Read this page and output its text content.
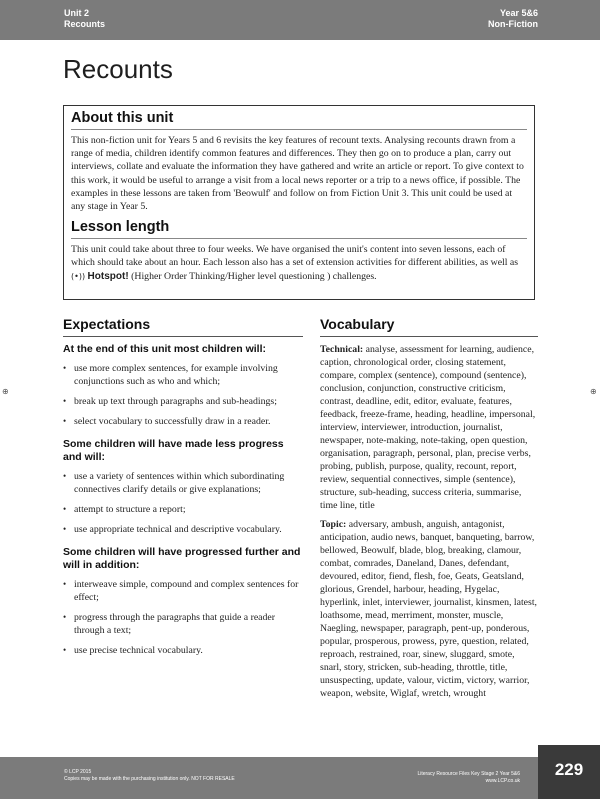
Unit 2
Recounts
Year 5&6
Non-Fiction
Recounts
About this unit

This non-fiction unit for Years 5 and 6 revisits the key features of recount texts. Analysing recounts drawn from a range of media, children identify common features and differences. They then go on to produce a plan, carry out interviews, collate and evaluate the information they have gathered and write an article or report. To give context to this work, it would be useful to arrange a visit from a local news reporter or a trip to a news office, if possible. The examples in these lessons are taken from 'Beowulf' and follow on from Fiction Unit 3. This unit could be used at any stage in Year 5.

Lesson length

This unit could take about three to four weeks. We have organised the unit's content into seven lessons, each of which should take about an hour. Each lesson also has a set of extension activities for different abilities, as well as (•)) Hotspot! (Higher Order Thinking/Higher level questioning ) challenges.

Expectations
At the end of this unit most children will:
• use more complex sentences, for example involving conjunctions such as who and which;
• break up text through paragraphs and sub-headings;
• select vocabulary to successfully draw in a reader.
Some children will have made less progress and will:
• use a variety of sentences within which subordinating connectives clarify details or give explanations;
• attempt to structure a report;
• use appropriate technical and descriptive vocabulary.
Some children will have progressed further and will in addition:
• interweave simple, compound and complex sentences for effect;
• progress through the paragraphs that guide a reader through a text;
• use precise technical vocabulary.
Vocabulary

Technical: analyse, assessment for learning, audience, caption, chronological order, closing statement, compare, complex (sentence), compound (sentence), conclusion, conjunction, constructive criticism, contrast, deadline, edit, editor, evaluate, features, feedback, freeze-frame, heading, headline, impersonal, interview, interviewer, introduction, journalist, newspaper, note-making, note-taking, open question, organisation, paragraph, personal, plan, precise verbs, probing, publish, purpose, quality, recount, report, review, sequential connectives, simple (sentence), structure, sub-heading, success criteria, summarise, time line, title

Topic: adversary, ambush, anguish, antagonist, anticipation, audio news, banquet, banqueting, barrow, bellowed, Beowulf, blade, blog, breaking, clamour, combat, comrades, Daneland, Danes, defendant, devoured, editor, fiend, flesh, foe, Geats, Geatsland, glorious, Grendel, harbour, heading, Hygelac, hyperlink, inlet, interviewer, journalist, kinsmen, latest, loathsome, mead, merriment, monster, muscle, Naegling, newspaper, paragraph, pent-up, ponderous, popular, prosperous, prowess, pyre, question, related, reproach, restrained, roar, sinew, sluggard, smote, snarl, story, stricken, sub-heading, throttle, title, unsuspecting, update, valour, victim, victory, warrior, weapon, website, Wiglaf, wretch, wrought

⊕	⊕
© LCP 2015
Copies may be made with the purchasing institution only. NOT FOR RESALE
Literacy Resource Files Key Stage 2 Year 5&6
www.LCP.co.uk
229
